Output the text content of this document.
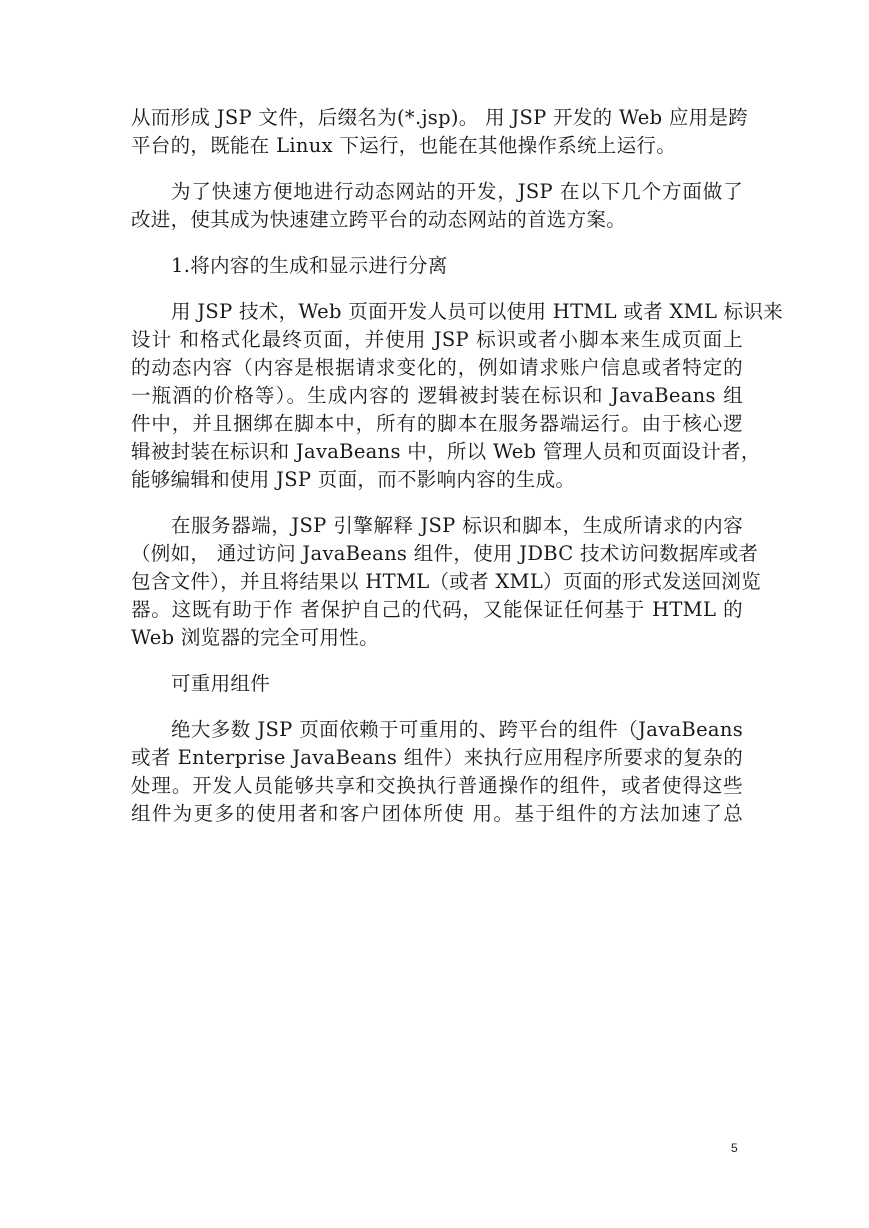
从而形成 JSP 文件，后缀名为(*.jsp)。 用 JSP 开发的 Web 应用是跨
平台的，既能在 Linux 下运行，也能在其他操作系统上运行。
为了快速方便地进行动态网站的开发，JSP 在以下几个方面做了
改进，使其成为快速建立跨平台的动态网站的首选方案。
1.将内容的生成和显示进行分离
用 JSP 技术，Web 页面开发人员可以使用 HTML 或者 XML 标识来
设计 和格式化最终页面，并使用 JSP 标识或者小脚本来生成页面上
的动态内容（内容是根据请求变化的，例如请求账户信息或者特定的
一瓶酒的价格等）。生成内容的 逻辑被封装在标识和 JavaBeans 组
件中，并且捆绑在脚本中，所有的脚本在服务器端运行。由于核心逻
辑被封装在标识和 JavaBeans 中，所以 Web 管理人员和页面设计者，
能够编辑和使用 JSP 页面，而不影响内容的生成。
在服务器端，JSP 引擎解释 JSP 标识和脚本，生成所请求的内容
（例如， 通过访问 JavaBeans 组件，使用 JDBC 技术访问数据库或者
包含文件），并且将结果以 HTML（或者 XML）页面的形式发送回浏览
器。这既有助于作 者保护自己的代码，又能保证任何基于 HTML 的
Web 浏览器的完全可用性。
可重用组件
绝大多数 JSP 页面依赖于可重用的、跨平台的组件（JavaBeans
或者 Enterprise JavaBeans 组件）来执行应用程序所要求的复杂的
处理。开发人员能够共享和交换执行普通操作的组件，或者使得这些
组件为更多的使用者和客户团体所使 用。基于组件的方法加速了总
5
